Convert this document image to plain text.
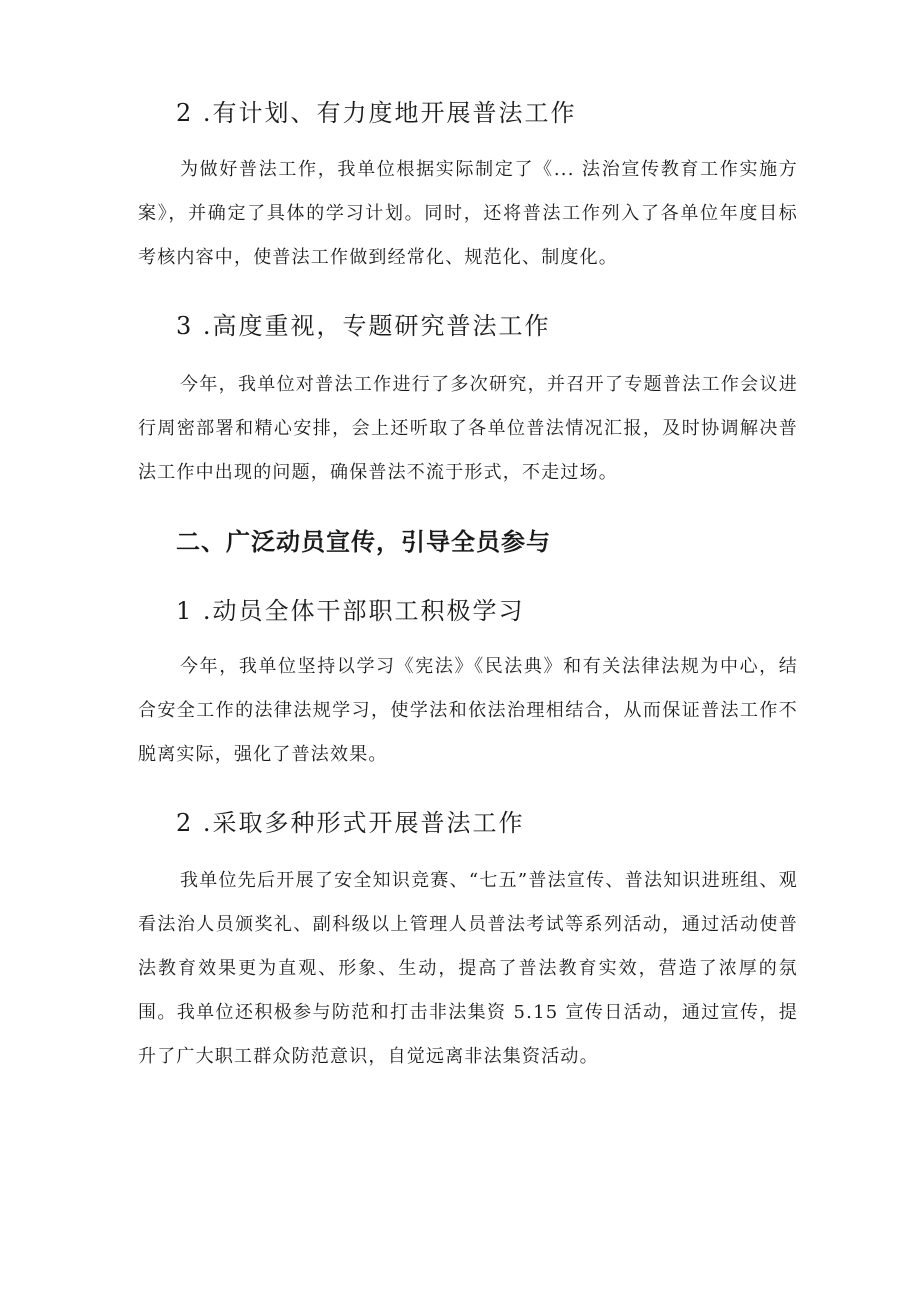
2 .有计划、有力度地开展普法工作
为做好普法工作，我单位根据实际制定了《... 法治宣传教育工作实施方案》，并确定了具体的学习计划。同时，还将普法工作列入了各单位年度目标考核内容中，使普法工作做到经常化、规范化、制度化。
3 .高度重视，专题研究普法工作
今年，我单位对普法工作进行了多次研究，并召开了专题普法工作会议进行周密部署和精心安排，会上还听取了各单位普法情况汇报，及时协调解决普法工作中出现的问题，确保普法不流于形式，不走过场。
二、广泛动员宣传，引导全员参与
1 .动员全体干部职工积极学习
今年，我单位坚持以学习《宪法》《民法典》和有关法律法规为中心，结合安全工作的法律法规学习，使学法和依法治理相结合，从而保证普法工作不脱离实际，强化了普法效果。
2 .采取多种形式开展普法工作
我单位先后开展了安全知识竞赛、“七五”普法宣传、普法知识进班组、观看法治人员颁奖礼、副科级以上管理人员普法考试等系列活动，通过活动使普法教育效果更为直观、形象、生动，提高了普法教育实效，营造了浓厚的氛围。我单位还积极参与防范和打击非法集资 5.15 宣传日活动，通过宣传，提升了广大职工群众防范意识，自觉远离非法集资活动。
